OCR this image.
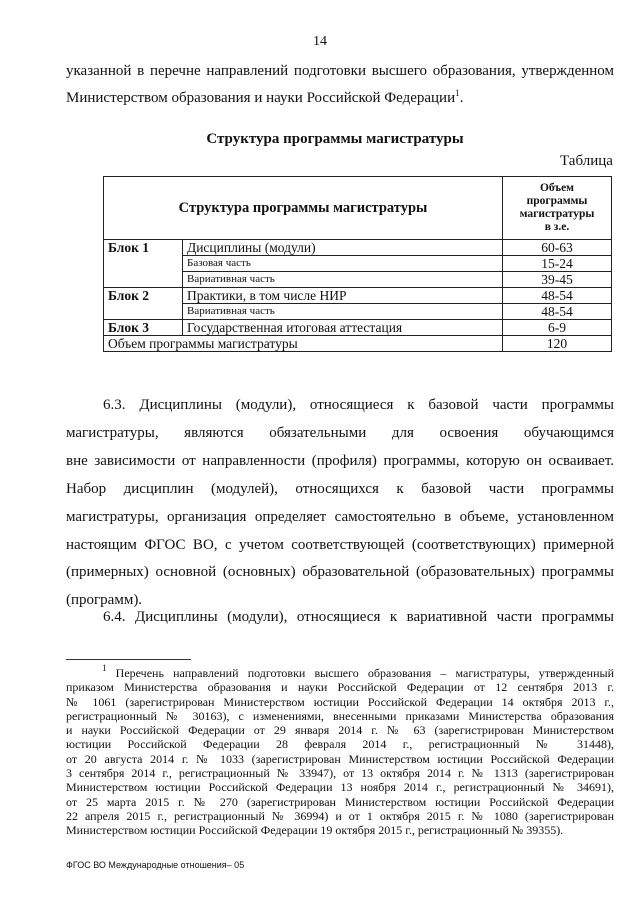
14
указанной в перечне направлений подготовки высшего образования, утвержденном
Министерством образования и науки Российской Федерации$^1$.
Структура программы магистратуры
Таблица
Структура программы магистратуры		Объем
программы
магистратуры
в з.е.
Блок 1	Дисциплины (модули)	60-63
	Базовая часть	15-24
	Вариативная часть	39-45
Блок 2	Практики, в том числе НИР	48-54
	Вариативная часть	48-54
Блок 3	Государственная итоговая аттестация	6-9
Объем программы магистратуры		120
6.3. Дисциплины (модули), относящиеся к базовой части программы
магистратуры, являются обязательными для освоения обучающимся
вне зависимости от направленности (профиля) программы, которую он осваивает.
Набор дисциплин (модулей), относящихся к базовой части программы
магистратуры, организация определяет самостоятельно в объеме, установленном
настоящим ФГОС ВО, с учетом соответствующей (соответствующих) примерной
(примерных) основной (основных) образовательной (образовательных) программы
(программ).
6.4. Дисциплины (модули), относящиеся к вариативной части программы
$^1$ Перечень направлений подготовки высшего образования – магистратуры, утвержденный
приказом Министерства образования и науки Российской Федерации от 12 сентября 2013 г.
№ 1061 (зарегистрирован Министерством юстиции Российской Федерации 14 октября 2013 г.,
регистрационный № 30163), с изменениями, внесенными приказами Министерства образования
и науки Российской Федерации от 29 января 2014 г. № 63 (зарегистрирован Министерством
юстиции Российской Федерации 28 февраля 2014 г., регистрационный № 31448),
от 20 августа 2014 г. № 1033 (зарегистрирован Министерством юстиции Российской Федерации
3 сентября 2014 г., регистрационный № 33947), от 13 октября 2014 г. № 1313 (зарегистрирован
Министерством юстиции Российской Федерации 13 ноября 2014 г., регистрационный № 34691),
от 25 марта 2015 г. № 270 (зарегистрирован Министерством юстиции Российской Федерации
22 апреля 2015 г., регистрационный № 36994) и от 1 октября 2015 г. № 1080 (зарегистрирован
Министерством юстиции Российской Федерации 19 октября 2015 г., регистрационный № 39355).
ФГОС ВО Международные отношения– 05
